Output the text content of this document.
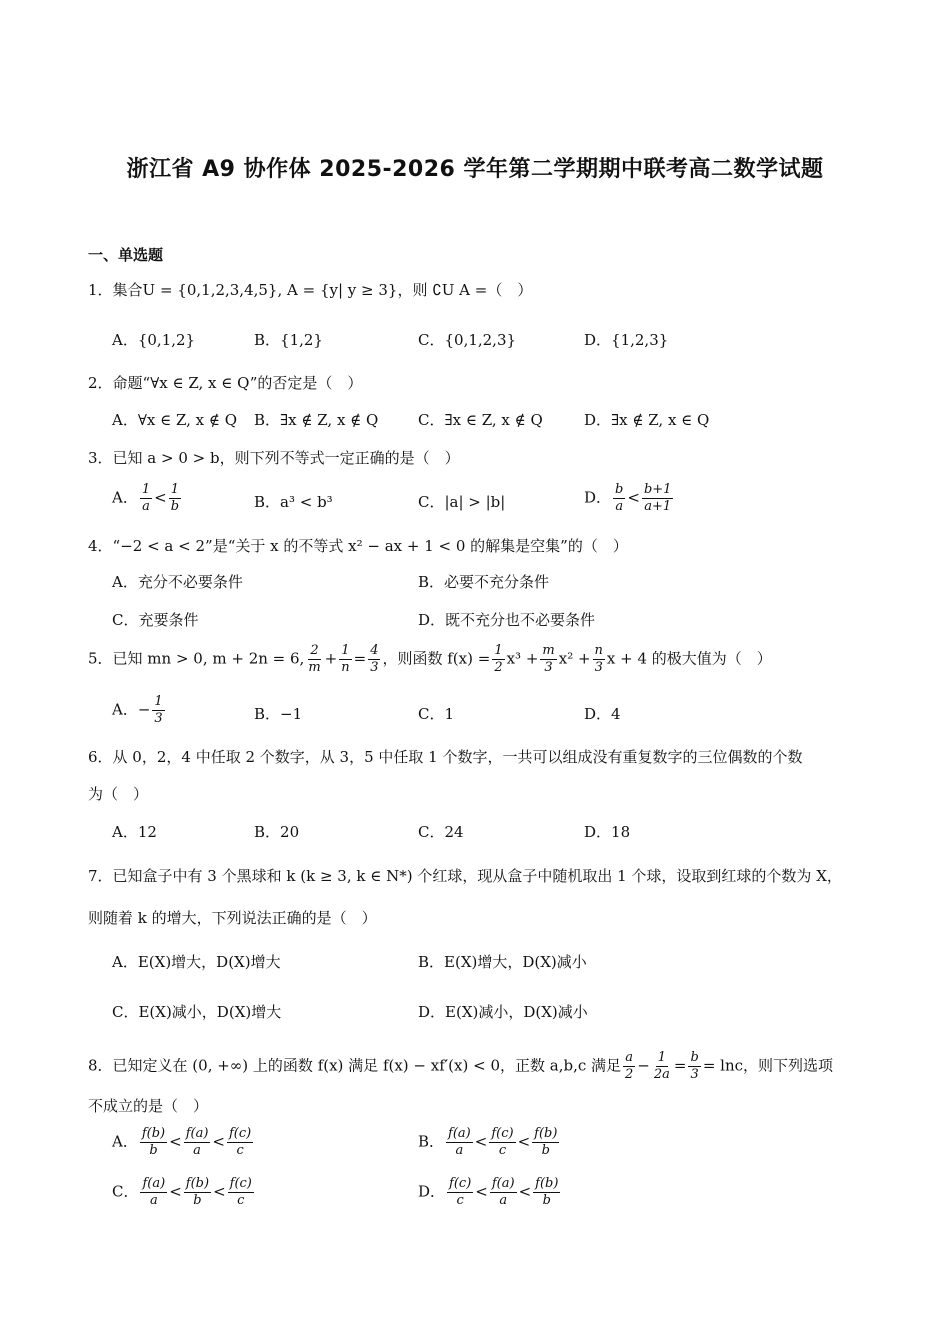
浙江省 A9 协作体 2025-2026 学年第二学期期中联考高二数学试题
一、单选题
1．集合U = {0,1,2,3,4,5}, A = {y| y ≥ 3}，则 ∁U A =（　）
A．{0,1,2}	B．{1,2}	C．{0,1,2,3}	D．{1,2,3}
2．命题“∀x ∈ Z, x ∈ Q”的否定是（　）
A．∀x ∈ Z, x ∉ Q B．∃x ∉ Z, x ∉ Q	C．∃x ∈ Z, x ∉ Q	D．∃x ∉ Z, x ∈ Q
3．已知 a > 0 > b，则下列不等式一定正确的是（　）
A． $\frac{1}{a} < \frac{1}{b}$	B．a³ < b³	C．|a| > |b|	D． $\frac{b}{a} < \frac{b+1}{a+1}$
4．“−2 < a < 2”是“关于 x 的不等式 x² − ax + 1 < 0 的解集是空集”的（　）
A．充分不必要条件	B．必要不充分条件
C．充要条件	D．既不充分也不必要条件
5．已知 mn > 0, m + 2n = 6, $\frac{2}{m} + \frac{1}{n} = \frac{4}{3}$ ，则函数 $f(x) = \frac{1}{2} x^3 + \frac{m}{3} x^2 + \frac{n}{3}$ x + 4 的极大值为（　）
A．− $\frac{1}{3}$	B．−1	C．1	D．4
6．从 0，2，4 中任取 2 个数字，从 3，5 中任取 1 个数字，一共可以组成没有重复数字的三位偶数的个数
为（　）
A．12	B．20	C．24	D．18
7．已知盒子中有 3 个黑球和 k (k ≥ 3, k ∈ N*) 个红球，现从盒子中随机取出 1 个球，设取到红球的个数为 X，
则随着 k 的增大，下列说法正确的是（　）
A．E(X)增大，D(X)增大	B．E(X)增大，D(X)减小
C．E(X)减小，D(X)增大	D．E(X)减小，D(X)减小
8．已知定义在 (0, +∞) 上的函数 f(x) 满足 f(x) − xf′(x) < 0，正数 a,b,c 满足 $\frac{a}{2} - \frac{1}{2a} = \frac{b}{3} = \ln c$，则下列选项
不成立的是（　）
A． $\frac{f(b)}{b} < \frac{f(a)}{a} < \frac{f(c)}{c}$	B． $\frac{f(a)}{a} < \frac{f(c)}{c} < \frac{f(b)}{b}$
C． $\frac{f(a)}{a} < \frac{f(b)}{b} < \frac{f(c)}{c}$	D． $\frac{f(c)}{c} < \frac{f(a)}{a} < \frac{f(b)}{b}$
